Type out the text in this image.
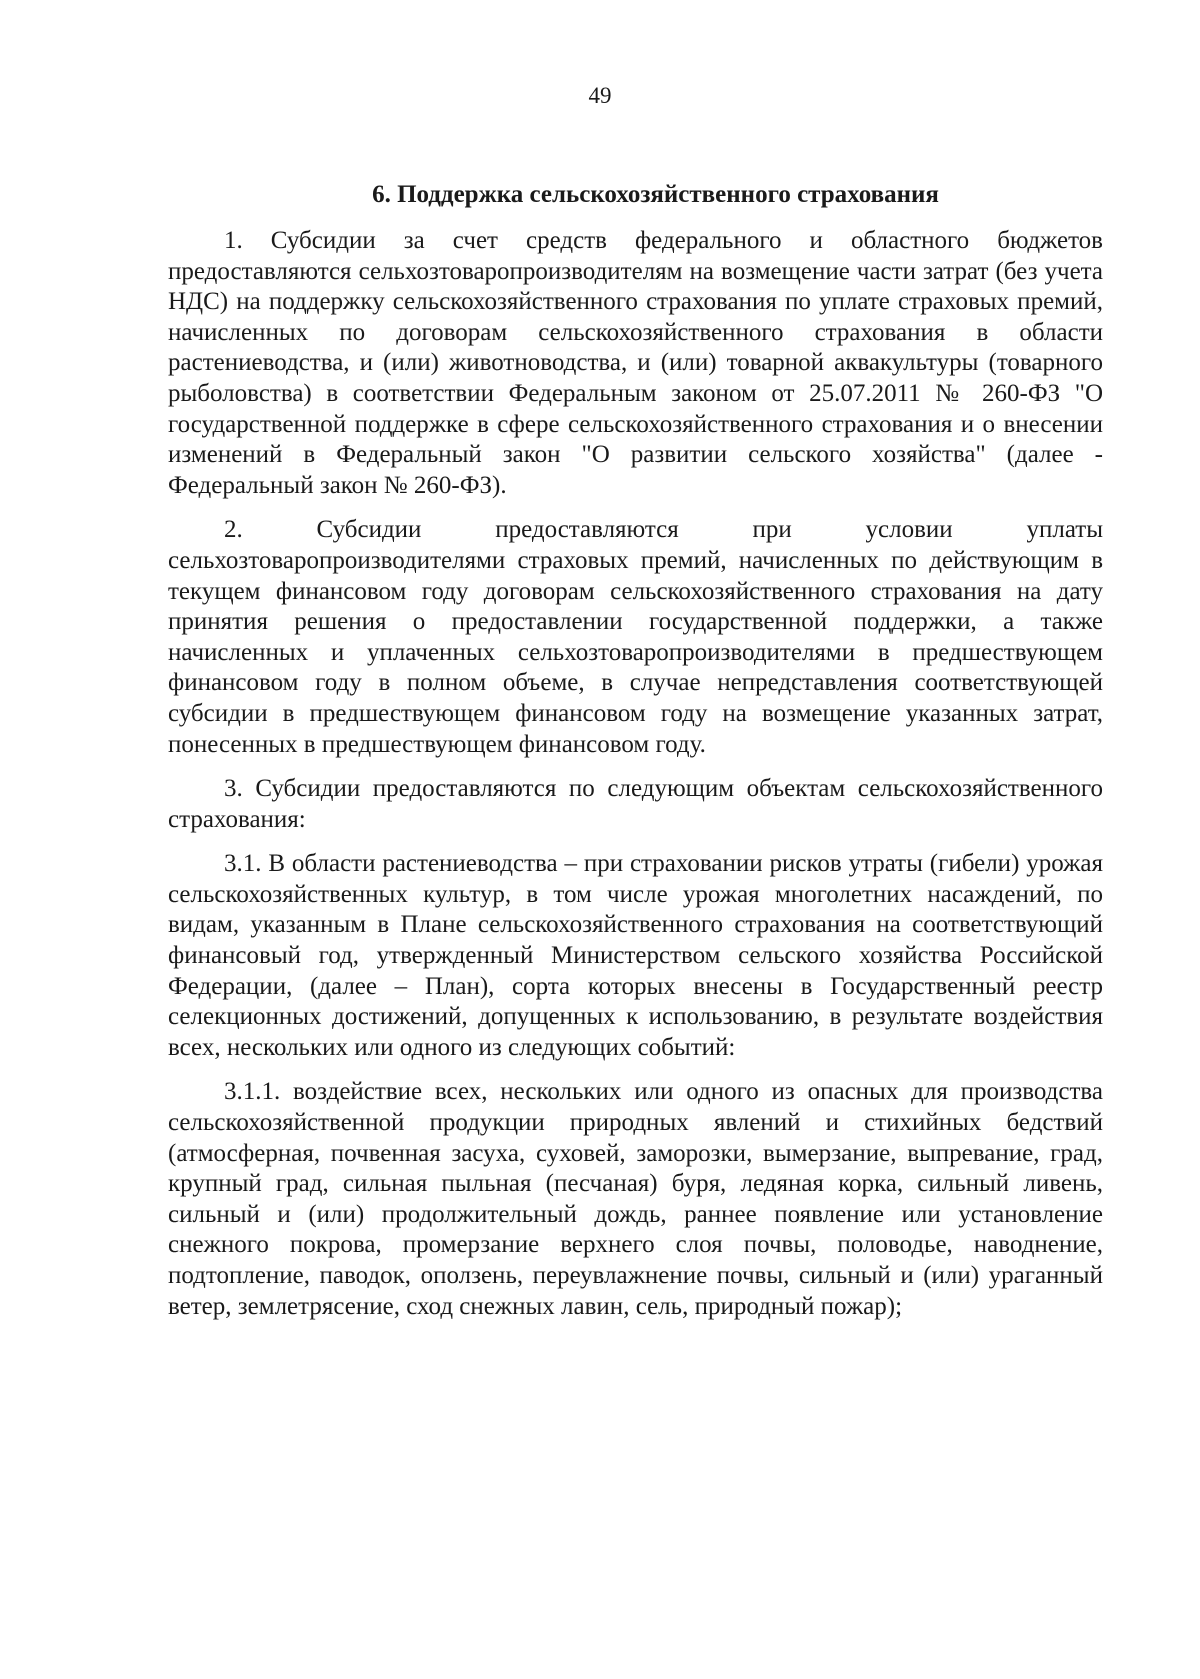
49
6. Поддержка сельскохозяйственного страхования

1. Субсидии за счет средств федерального и областного бюджетов предоставляются сельхозтоваропроизводителям на возмещение части затрат (без учета НДС) на поддержку сельскохозяйственного страхования по уплате страховых премий, начисленных по договорам сельскохозяйственного страхования в области растениеводства, и (или) животноводства, и (или) товарной аквакультуры (товарного рыболовства) в соответствии Федеральным законом от 25.07.2011 № 260-ФЗ "О государственной поддержке в сфере сельскохозяйственного страхования и о внесении изменений в Федеральный закон "О развитии сельского хозяйства" (далее - Федеральный закон № 260-ФЗ).

2. Субсидии предоставляются при условии уплаты сельхозтоваропроизводителями страховых премий, начисленных по действующим в текущем финансовом году договорам сельскохозяйственного страхования на дату принятия решения о предоставлении государственной поддержки, а также начисленных и уплаченных сельхозтоваропроизводителями в предшествующем финансовом году в полном объеме, в случае непредставления соответствующей субсидии в предшествующем финансовом году на возмещение указанных затрат, понесенных в предшествующем финансовом году.

3. Субсидии предоставляются по следующим объектам сельскохозяйственного страхования:

3.1. В области растениеводства – при страховании рисков утраты (гибели) урожая сельскохозяйственных культур, в том числе урожая многолетних насаждений, по видам, указанным в Плане сельскохозяйственного страхования на соответствующий финансовый год, утвержденный Министерством сельского хозяйства Российской Федерации, (далее – План), сорта которых внесены в Государственный реестр селекционных достижений, допущенных к использованию, в результате воздействия всех, нескольких или одного из следующих событий:

3.1.1. воздействие всех, нескольких или одного из опасных для производства сельскохозяйственной продукции природных явлений и стихийных бедствий (атмосферная, почвенная засуха, суховей, заморозки, вымерзание, выпревание, град, крупный град, сильная пыльная (песчаная) буря, ледяная корка, сильный ливень, сильный и (или) продолжительный дождь, раннее появление или установление снежного покрова, промерзание верхнего слоя почвы, половодье, наводнение, подтопление, паводок, оползень, переувлажнение почвы, сильный и (или) ураганный ветер, землетрясение, сход снежных лавин, сель, природный пожар);
